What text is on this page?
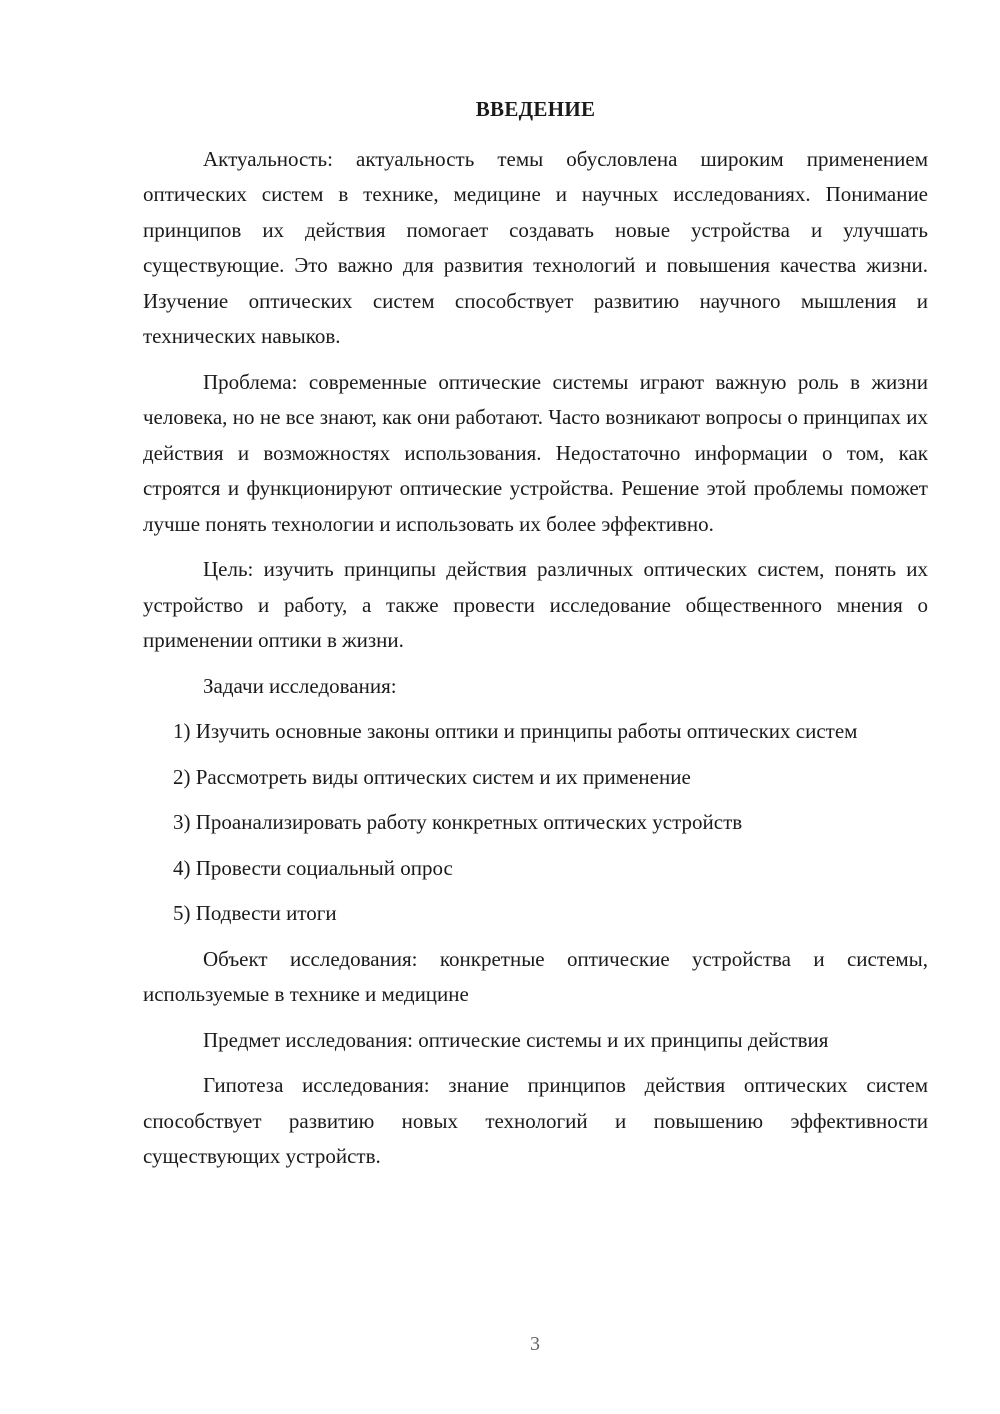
ВВЕДЕНИЕ

Актуальность: актуальность темы обусловлена широким применением оптических систем в технике, медицине и научных исследованиях. Понимание принципов их действия помогает создавать новые устройства и улучшать существующие. Это важно для развития технологий и повышения качества жизни. Изучение оптических систем способствует развитию научного мышления и технических навыков.

Проблема: современные оптические системы играют важную роль в жизни человека, но не все знают, как они работают. Часто возникают вопросы о принципах их действия и возможностях использования. Недостаточно информации о том, как строятся и функционируют оптические устройства. Решение этой проблемы поможет лучше понять технологии и использовать их более эффективно.

Цель: изучить принципы действия различных оптических систем, понять их устройство и работу, а также провести исследование общественного мнения о применении оптики в жизни.

Задачи исследования:

1) Изучить основные законы оптики и принципы работы оптических систем

2) Рассмотреть виды оптических систем и их применение

3) Проанализировать работу конкретных оптических устройств

4) Провести социальный опрос

5) Подвести итоги

Объект исследования: конкретные оптические устройства и системы, используемые в технике и медицине

Предмет исследования: оптические системы и их принципы действия

Гипотеза исследования: знание принципов действия оптических систем способствует развитию новых технологий и повышению эффективности существующих устройств.

3
